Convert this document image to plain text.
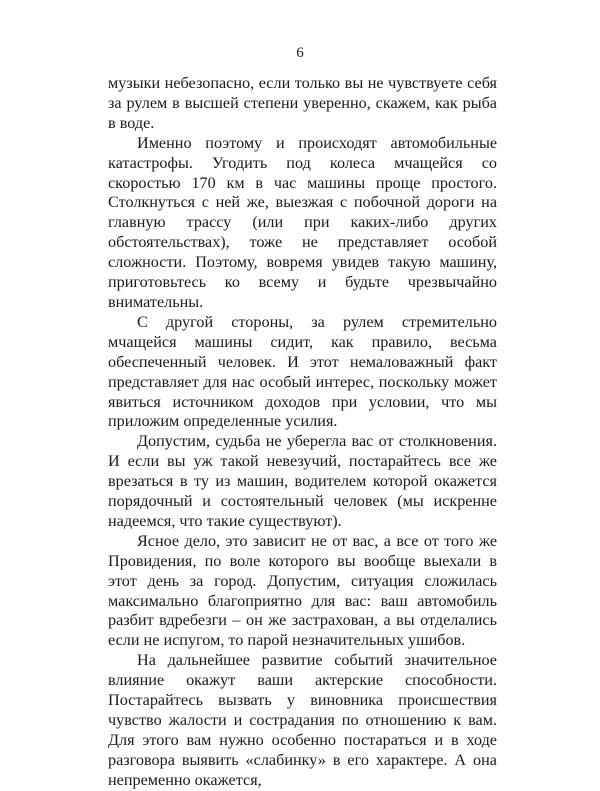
6

музыки небезопасно, если только вы не чувствуете себя за рулем в высшей степени уверенно, скажем, как рыба в воде.

Именно поэтому и происходят автомобильные катастрофы. Угодить под колеса мчащейся со скоростью 170 км в час машины проще простого. Столкнуться с ней же, выезжая с побочной дороги на главную трассу (или при каких-либо других обстоятельствах), тоже не представляет особой сложности. Поэтому, вовремя увидев такую машину, приготовьтесь ко всему и будьте чрезвычайно внимательны.

С другой стороны, за рулем стремительно мчащейся машины сидит, как правило, весьма обеспеченный человек. И этот немаловажный факт представляет для нас особый интерес, поскольку может явиться источником доходов при условии, что мы приложим определенные усилия.

Допустим, судьба не уберегла вас от столкновения. И если вы уж такой невезучий, постарайтесь все же врезаться в ту из машин, водителем которой окажется порядочный и состоятельный человек (мы искренне надеемся, что такие существуют).

Ясное дело, это зависит не от вас, а все от того же Провидения, по воле которого вы вообще выехали в этот день за город. Допустим, ситуация сложилась максимально благоприятно для вас: ваш автомобиль разбит вдребезги – он же застрахован, а вы отделались если не испугом, то парой незначительных ушибов.

На дальнейшее развитие событий значительное влияние окажут ваши актерские способности. Постарайтесь вызвать у виновника происшествия чувство жалости и сострадания по отношению к вам. Для этого вам нужно особенно постараться и в ходе разговора выявить «слабинку» в его характере. А она непременно окажется,
